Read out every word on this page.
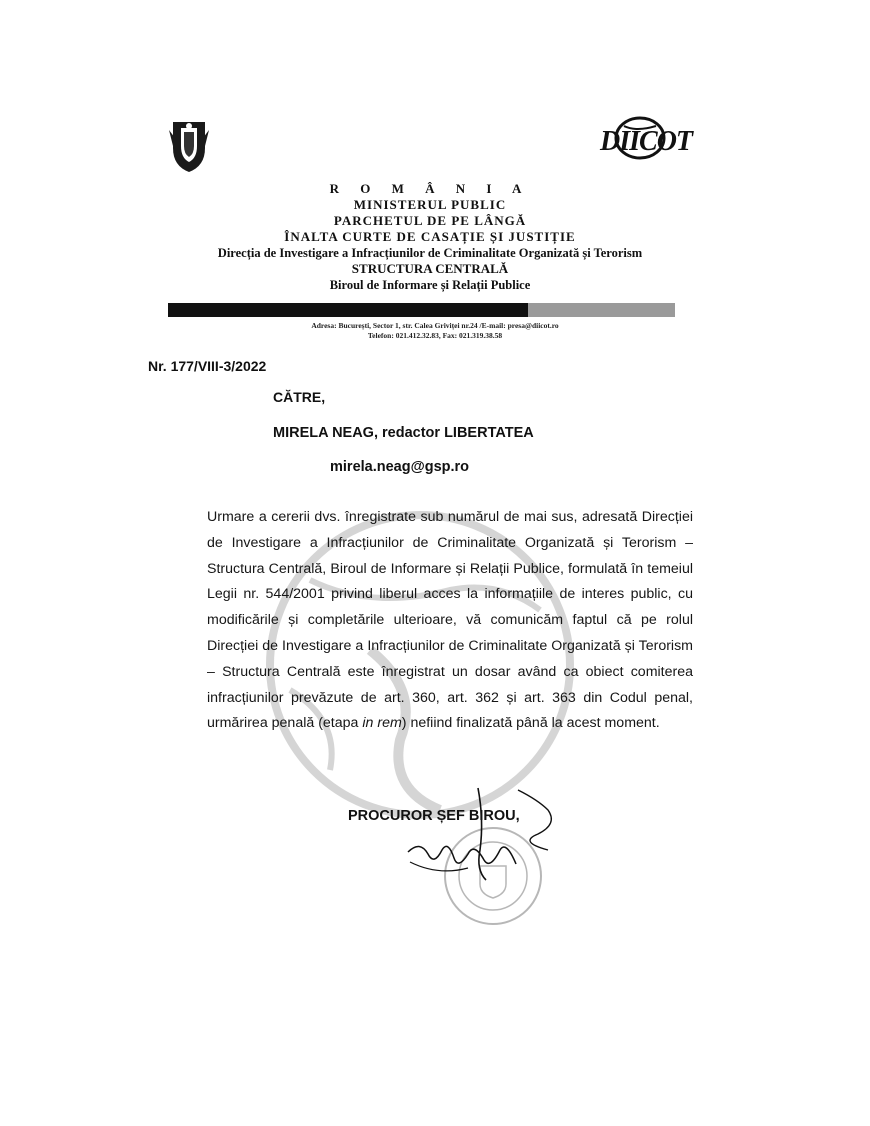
DIICOT
R O M Â N I A
MINISTERUL PUBLIC
PARCHETUL DE PE LÂNGĂ
ÎNALTA CURTE DE CASAȚIE ȘI JUSTIȚIE
Direcția de Investigare a Infracțiunilor de Criminalitate Organizată și Terorism
STRUCTURA CENTRALĂ
Biroul de Informare și Relații Publice
Adresa: București, Sector 1, str. Calea Griviței nr.24 /E-mail: presa@diicot.ro
Telefon: 021.412.32.83, Fax: 021.319.38.58
Nr. 177/VIII-3/2022
CĂTRE,
MIRELA NEAG, redactor LIBERTATEA
mirela.neag@gsp.ro
Urmare a cererii dvs. înregistrate sub numărul de mai sus, adresată Direcției de Investigare a Infracțiunilor de Criminalitate Organizată și Terorism – Structura Centrală, Biroul de Informare și Relații Publice, formulată în temeiul Legii nr. 544/2001 privind liberul acces la informațiile de interes public, cu modificările și completările ulterioare, vă comunicăm faptul că pe rolul Direcției de Investigare a Infracțiunilor de Criminalitate Organizată și Terorism – Structura Centrală este înregistrat un dosar având ca obiect comiterea infracțiunilor prevăzute de art. 360, art. 362 și art. 363 din Codul penal, urmărirea penală (etapa in rem) nefiind finalizată până la acest moment.
PROCUROR ȘEF BIROU,
